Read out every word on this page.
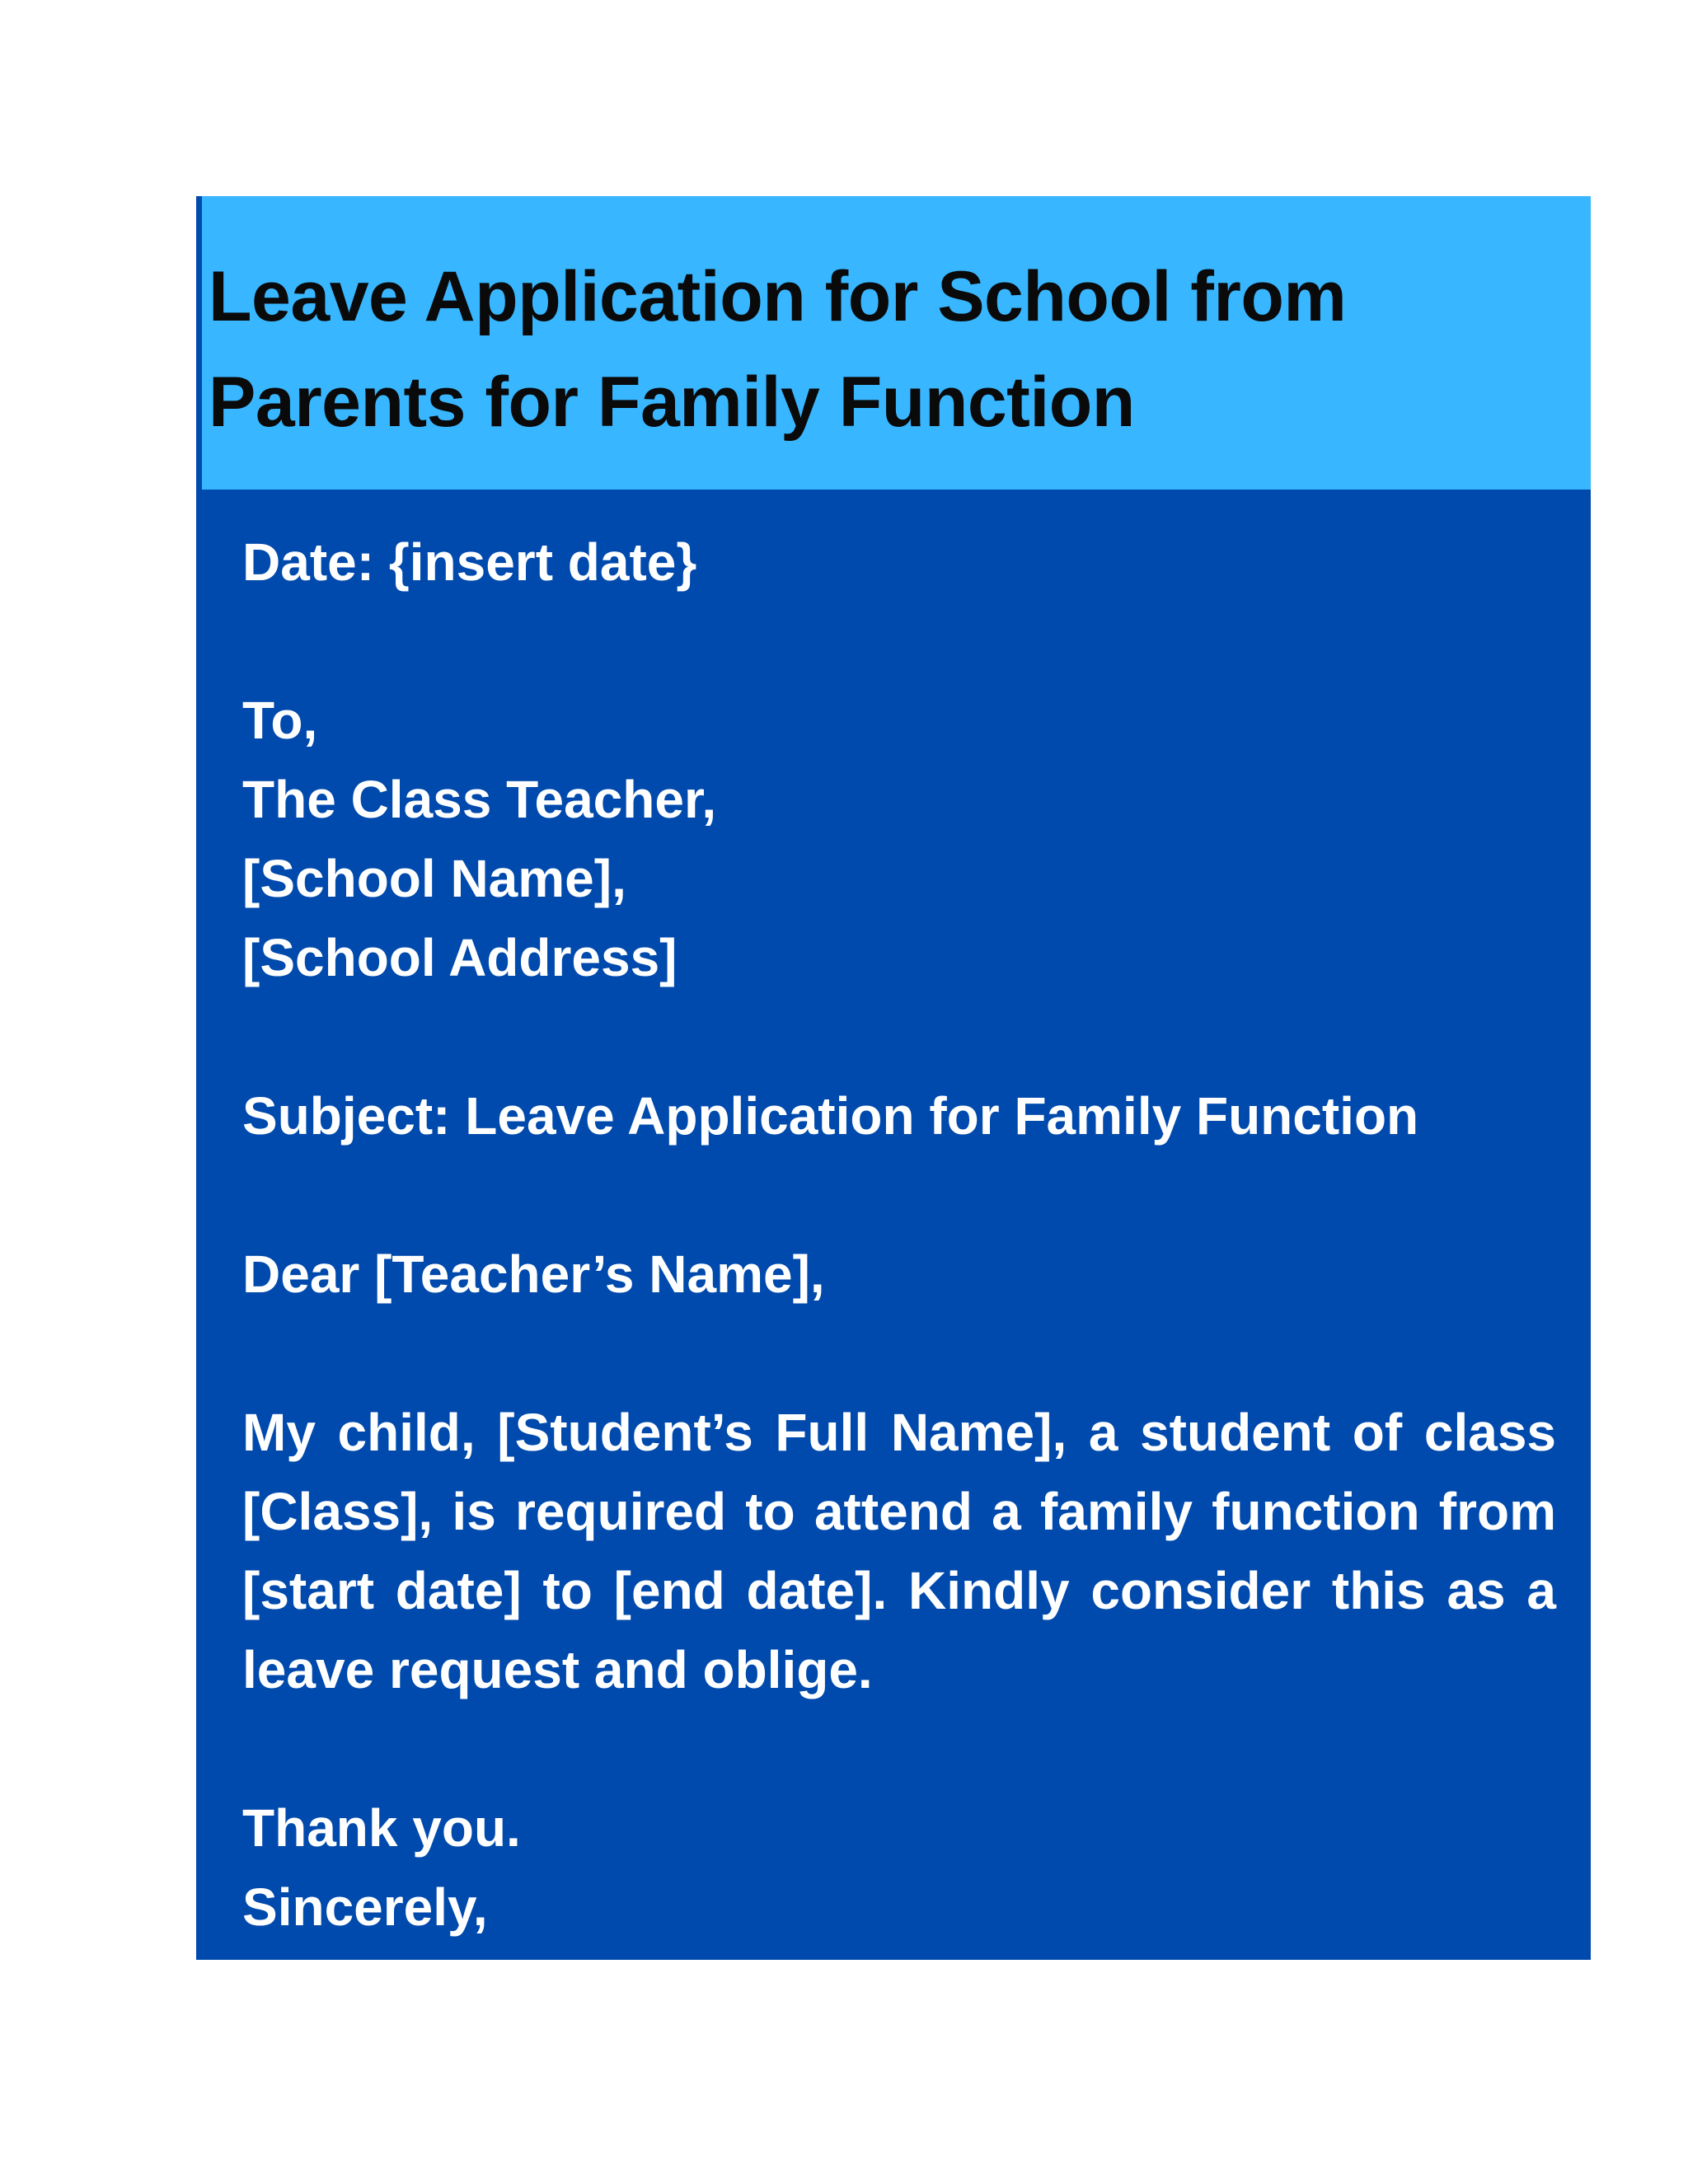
Leave Application for School from Parents for Family Function
Date: {insert date}
To,
The Class Teacher,
[School Name],
[School Address]
Subject: Leave Application for Family Function
Dear [Teacher’s Name],
My child, [Student’s Full Name], a student of class [Class], is required to attend a family function from [start date] to [end date]. Kindly consider this as a leave request and oblige.
Thank you.
Sincerely,
